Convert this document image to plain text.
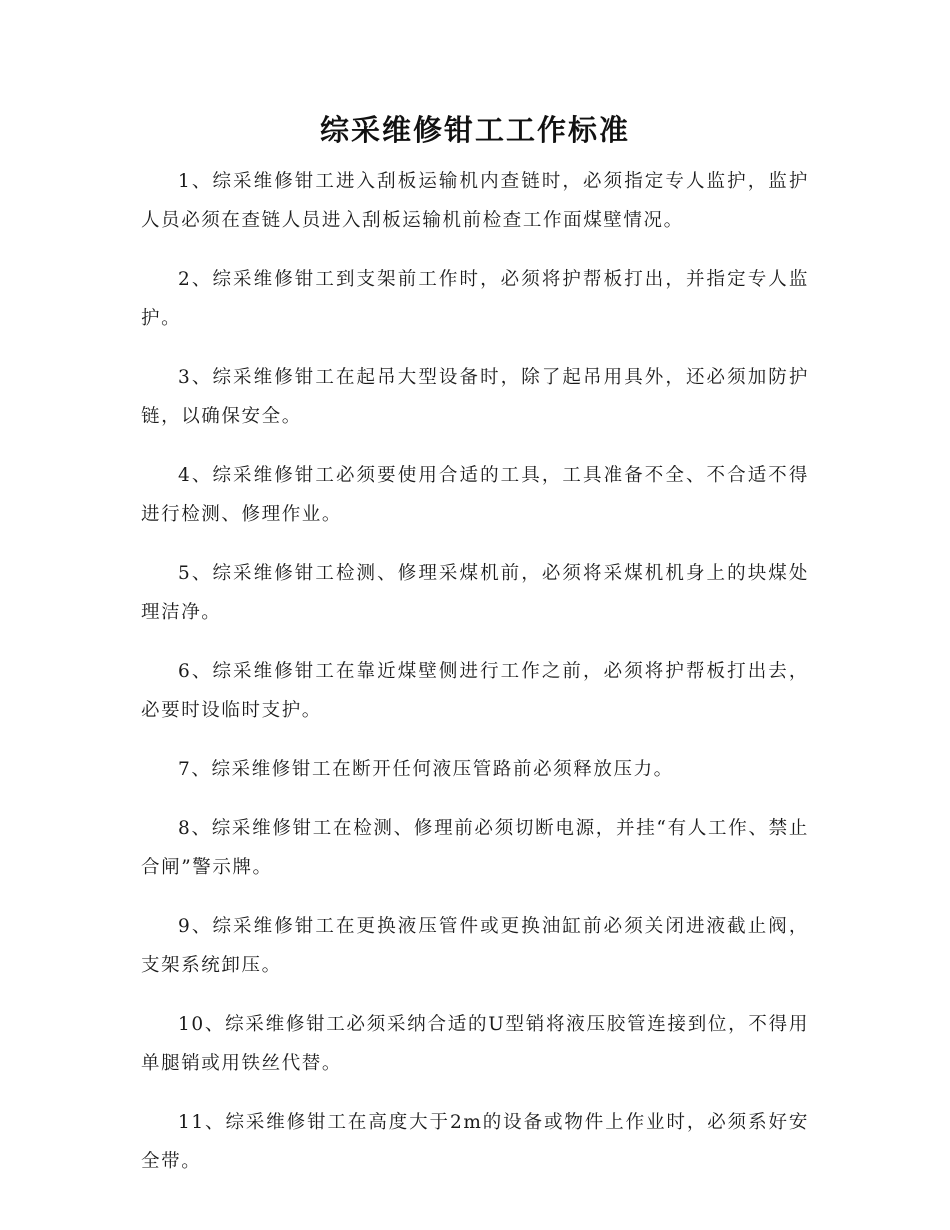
综采维修钳工工作标准

1、综采维修钳工进入刮板运输机内查链时，必须指定专人监护，监护人员必须在查链人员进入刮板运输机前检查工作面煤壁情况。

2、综采维修钳工到支架前工作时，必须将护帮板打出，并指定专人监护。

3、综采维修钳工在起吊大型设备时，除了起吊用具外，还必须加防护链，以确保安全。

4、综采维修钳工必须要使用合适的工具，工具准备不全、不合适不得进行检测、修理作业。

5、综采维修钳工检测、修理采煤机前，必须将采煤机机身上的块煤处理洁净。

6、综采维修钳工在靠近煤壁侧进行工作之前，必须将护帮板打出去，必要时设临时支护。

7、综采维修钳工在断开任何液压管路前必须释放压力。

8、综采维修钳工在检测、修理前必须切断电源，并挂“有人工作、禁止合闸”警示牌。

9、综采维修钳工在更换液压管件或更换油缸前必须关闭进液截止阀，支架系统卸压。

10、综采维修钳工必须采纳合适的U型销将液压胶管连接到位，不得用单腿销或用铁丝代替。

11、综采维修钳工在高度大于2m的设备或物件上作业时，必须系好安全带。
